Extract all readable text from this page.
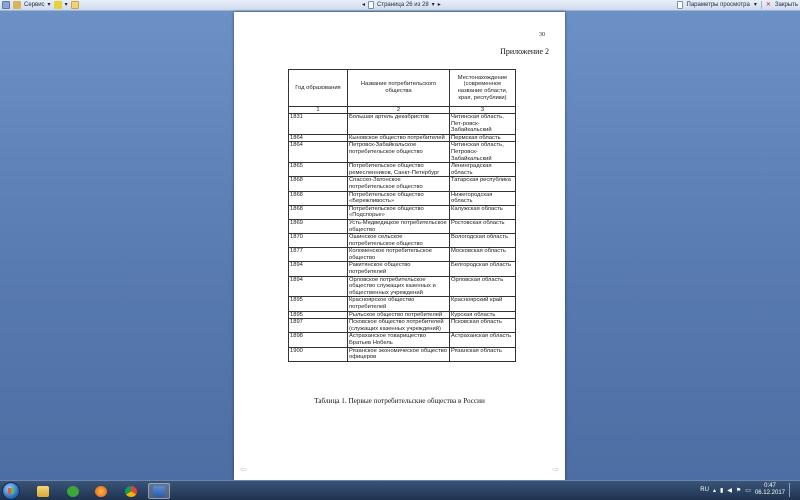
Сервис ▾ ▾	◂ Страница 26 из 28 ▾ ▸	Параметры просмотра ▾ ✕ Закрыть
30
Приложение 2
Год образования	Название потребительского общества	Местонахождение (современное название области, края, республики)
1	2	3
1831	Большая артель декабристов	Читинская область, Пет-ровск-Забайкальский
1864	Кыновское общество потребителей	Пермская область
1864	Петровск-Забайкальское потребительское общество	Читинская область, Петровск-Забайкальский
1865	Потребительское общество ремесленников, Санкт-Петербург	Ленинградская область
1868	Спасско-Затонское потребительское общество	Татарская республика
1868	Потребительское общество «Бережливость»	Нижегородская область
1868	Потребительское общество «Подспорье»	Калужская область
1869	Усть-Медведицкое потребительское общество	Ростовская область
1870	Ошинское сельское потребительское общество	Вологодская область
1877	Коломенское потребительское общество	Московская область
1894	Ракитянское общество потребителей	Белгородская область
1894	Орловское потребительское общество служащих казенных и общественных учреждений	Орловская область
1895	Красноярское общество потребителей	Красноярский край
1895	Рыльское общество потребителей	Курская область
1897	Псковское общество потребителей (служащих казенных учреждений)	Псковская область
1898	Астраханское товарищество Братьев Нобель	Астраханская область
1900	Рязанское экономическое общество офицеров	Рязанская область
Таблица 1. Первые потребительские общества в России
⇦	⇨
RU ▴ ▮ ◀ ⚑ ▭
0:47
06.12.2017
